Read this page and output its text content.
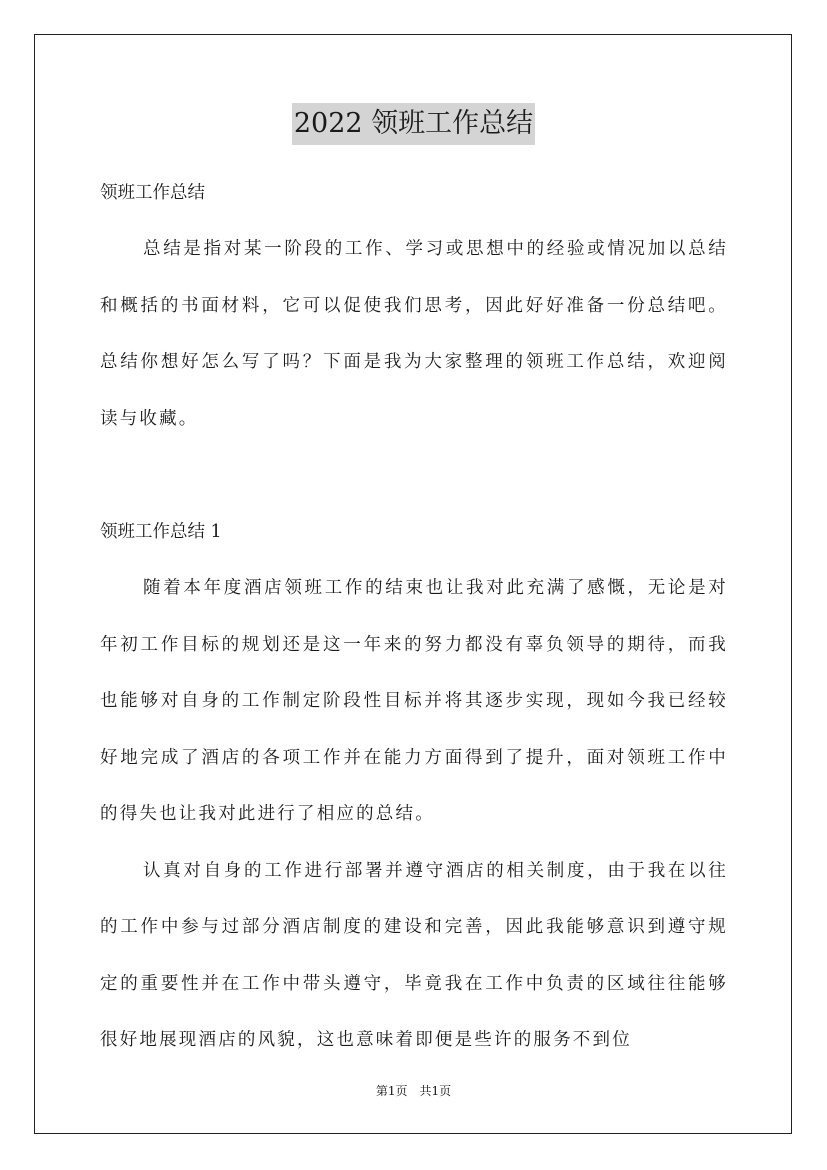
2022 领班工作总结

领班工作总结

总结是指对某一阶段的工作、学习或思想中的经验或情况加以总结和概括的书面材料，它可以促使我们思考，因此好好准备一份总结吧。总结你想好怎么写了吗？下面是我为大家整理的领班工作总结，欢迎阅读与收藏。

领班工作总结 1

随着本年度酒店领班工作的结束也让我对此充满了感慨，无论是对年初工作目标的规划还是这一年来的努力都没有辜负领导的期待，而我也能够对自身的工作制定阶段性目标并将其逐步实现，现如今我已经较好地完成了酒店的各项工作并在能力方面得到了提升，面对领班工作中的得失也让我对此进行了相应的总结。

认真对自身的工作进行部署并遵守酒店的相关制度，由于我在以往的工作中参与过部分酒店制度的建设和完善，因此我能够意识到遵守规定的重要性并在工作中带头遵守，毕竟我在工作中负责的区域往往能够很好地展现酒店的风貌，这也意味着即便是些许的服务不到位

第1页　共1页
